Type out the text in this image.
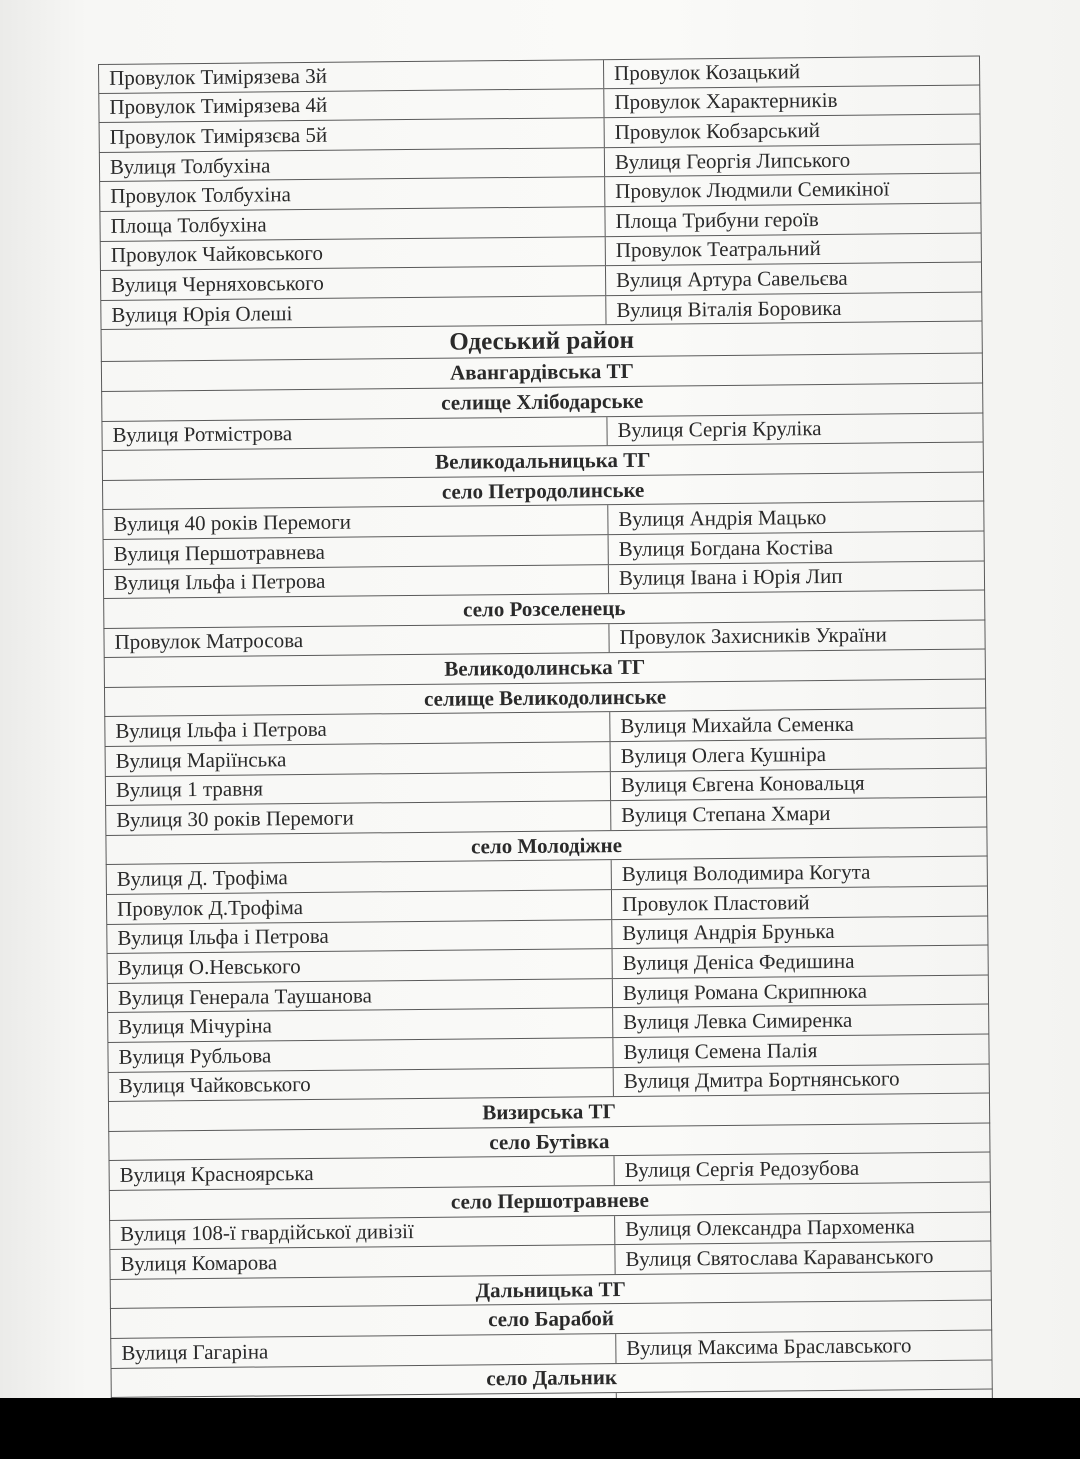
Провулок Тимірязева 3й	Провулок Козацький
Провулок Тимірязева 4й	Провулок Характерників
Провулок Тимірязєва 5й	Провулок Кобзарський
Вулиця Толбухіна	Вулиця Георгія Липського
Провулок Толбухіна	Провулок Людмили Семикіної
Площа Толбухіна	Площа Трибуни героїв
Провулок Чайковського	Провулок Театральний
Вулиця Черняховського	Вулиця Артура Савельєва
Вулиця Юрія Олеші	Вулиця Віталія Боровика
Одеський район
Авангардівська ТГ
селище Хлібодарське
Вулиця Ротмістрова	Вулиця Сергія Круліка
Великодальницька ТГ
село Петродолинське
Вулиця 40 років Перемоги	Вулиця Андрія Мацько
Вулиця Першотравнева	Вулиця Богдана Костіва
Вулиця Ільфа і Петрова	Вулиця Івана і Юрія Лип
село Розселенець
Провулок Матросова	Провулок Захисників України
Великодолинська ТГ
селище Великодолинське
Вулиця Ільфа і Петрова	Вулиця Михайла Семенка
Вулиця Маріїнська	Вулиця Олега Кушніра
Вулиця 1 травня	Вулиця Євгена Коновальця
Вулиця 30 років Перемоги	Вулиця Степана Хмари
село Молодіжне
Вулиця Д. Трофіма	Вулиця Володимира Когута
Провулок Д.Трофіма	Провулок Пластовий
Вулиця Ільфа і Петрова	Вулиця Андрія Брунька
Вулиця О.Невського	Вулиця Деніса Федишина
Вулиця Генерала Таушанова	Вулиця Романа Скрипнюка
Вулиця Мічуріна	Вулиця Левка Симиренка
Вулиця Рубльова	Вулиця Семена Палія
Вулиця Чайковського	Вулиця Дмитра Бортнянського
Визирська ТГ
село Бутівка
Вулиця Красноярська	Вулиця Сергія Редозубова
село Першотравневе
Вулиця 108-ї гвардійської дивізії	Вулиця Олександра Пархоменка
Вулиця Комарова	Вулиця Святослава Караванського
Дальницька ТГ
село Барабой
Вулиця Гагаріна	Вулиця Максима Браславського
село Дальник
